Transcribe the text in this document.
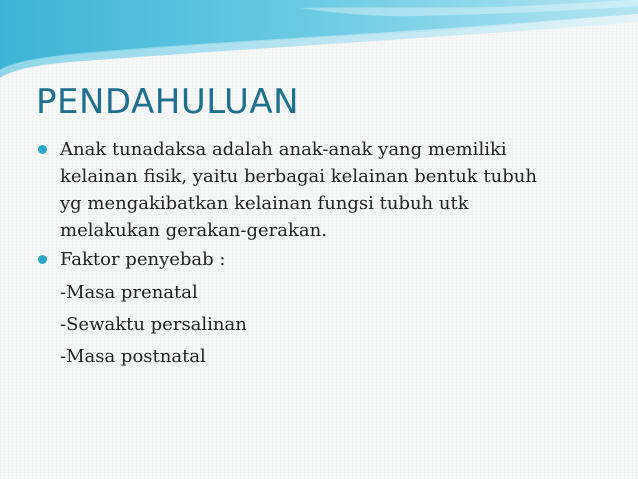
PENDAHULUAN
Anak tunadaksa adalah anak-anak yang memiliki
kelainan fisik, yaitu berbagai kelainan bentuk tubuh
yg mengakibatkan kelainan fungsi tubuh utk
melakukan gerakan-gerakan.
Faktor penyebab :
-Masa prenatal
-Sewaktu persalinan
-Masa postnatal
